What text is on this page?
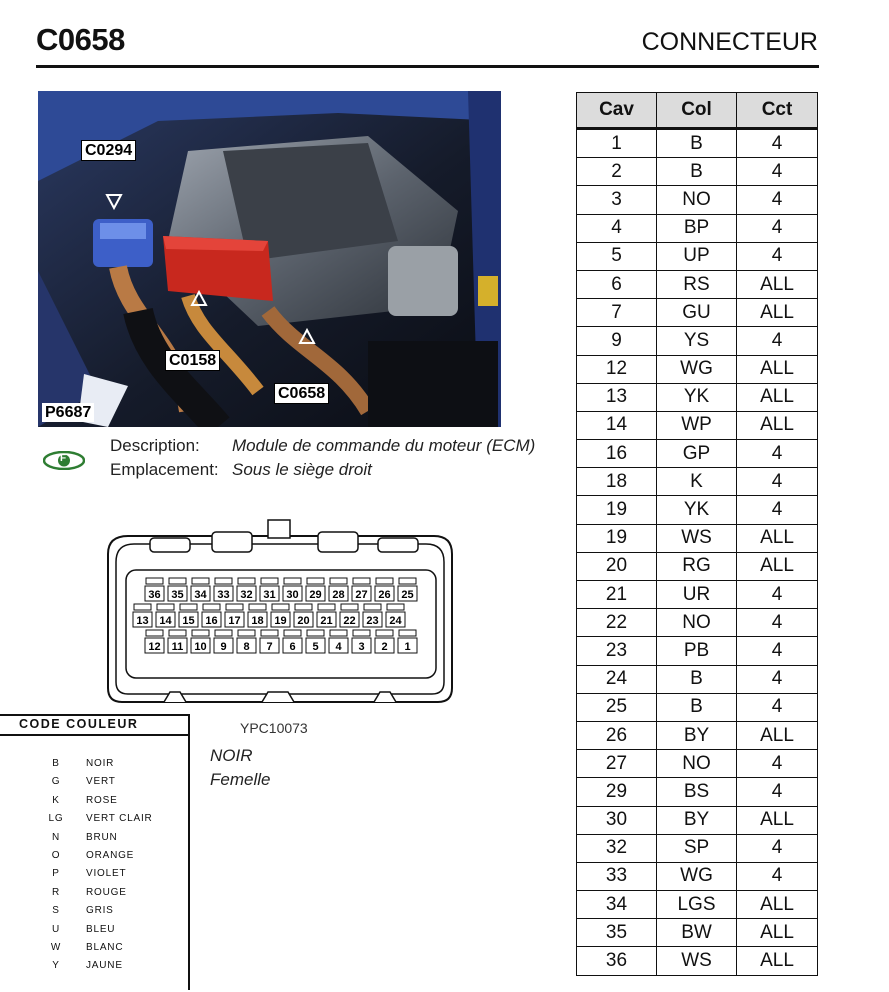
C0658	CONNECTEUR
C0294
C0158
C0658
P6687
F
Description: Module de commande du moteur (ECM)
Emplacement: Sous le siège droit
36 35 34 33 32 31 30 29 28 27 26 25
13 14 15 16 17 18 19 20 21 22 23 24
12 11 10 9 8 7 6 5 4 3 2 1
YPC10073
NOIR
Femelle
CODE COULEUR
B	NOIR
G	VERT
K	ROSE
LG	VERT CLAIR
N	BRUN
O	ORANGE
P	VIOLET
R	ROUGE
S	GRIS
U	BLEU
W	BLANC
Y	JAUNE
Cav	Col	Cct
1	B	4
2	B	4
3	NO	4
4	BP	4
5	UP	4
6	RS	ALL
7	GU	ALL
9	YS	4
12	WG	ALL
13	YK	ALL
14	WP	ALL
16	GP	4
18	K	4
19	YK	4
19	WS	ALL
20	RG	ALL
21	UR	4
22	NO	4
23	PB	4
24	B	4
25	B	4
26	BY	ALL
27	NO	4
29	BS	4
30	BY	ALL
32	SP	4
33	WG	4
34	LGS	ALL
35	BW	ALL
36	WS	ALL
